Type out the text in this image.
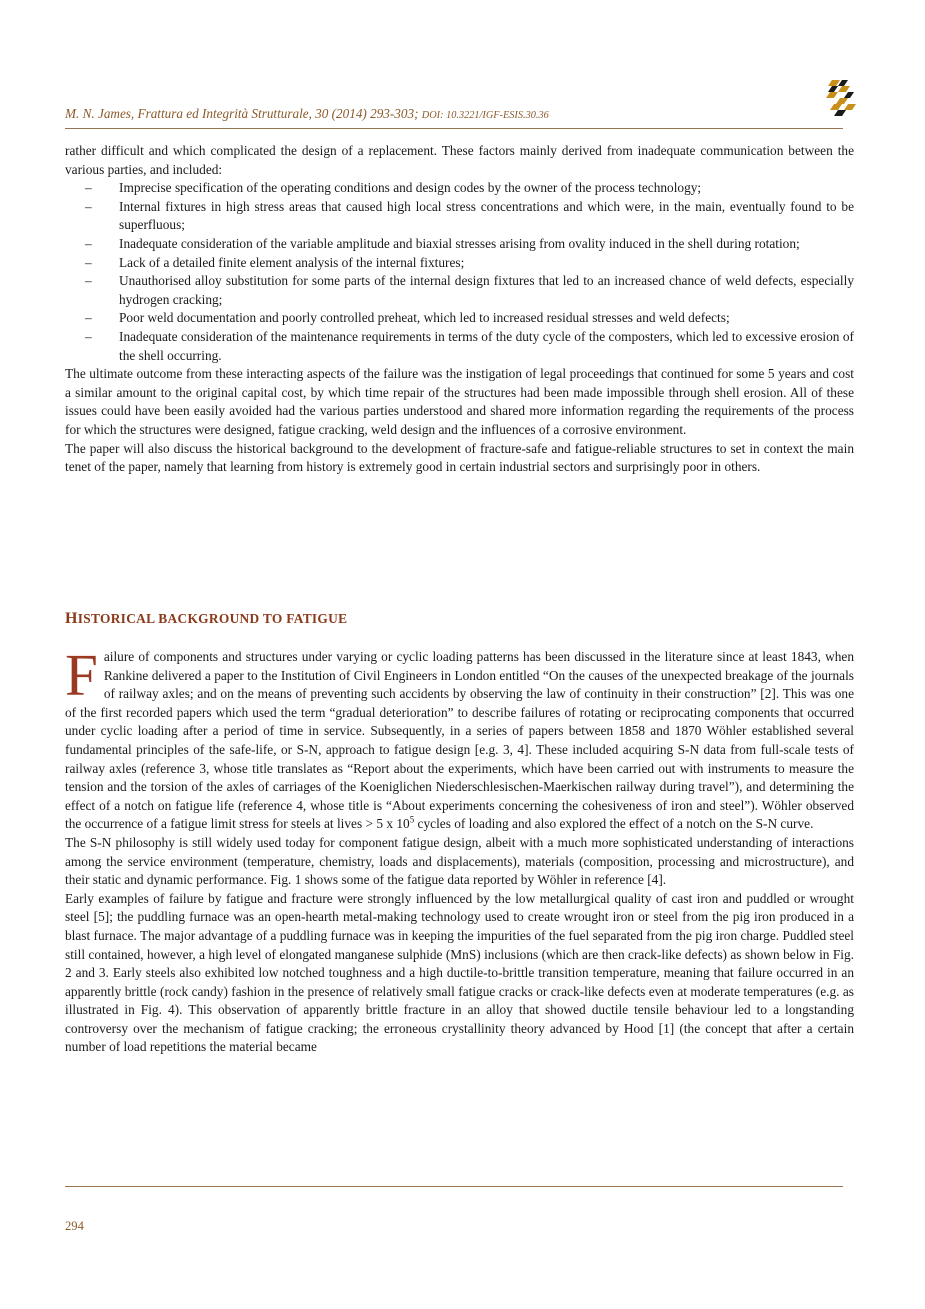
M. N. James, Frattura ed Integrità Strutturale, 30 (2014) 293-303; DOI: 10.3221/IGF-ESIS.30.36

rather difficult and which complicated the design of a replacement. These factors mainly derived from inadequate communication between the various parties, and included:

– Imprecise specification of the operating conditions and design codes by the owner of the process technology;
– Internal fixtures in high stress areas that caused high local stress concentrations and which were, in the main, eventually found to be superfluous;
– Inadequate consideration of the variable amplitude and biaxial stresses arising from ovality induced in the shell during rotation;
– Lack of a detailed finite element analysis of the internal fixtures;
– Unauthorised alloy substitution for some parts of the internal design fixtures that led to an increased chance of weld defects, especially hydrogen cracking;
– Poor weld documentation and poorly controlled preheat, which led to increased residual stresses and weld defects;
– Inadequate consideration of the maintenance requirements in terms of the duty cycle of the composters, which led to excessive erosion of the shell occurring.

The ultimate outcome from these interacting aspects of the failure was the instigation of legal proceedings that continued for some 5 years and cost a similar amount to the original capital cost, by which time repair of the structures had been made impossible through shell erosion. All of these issues could have been easily avoided had the various parties understood and shared more information regarding the requirements of the process for which the structures were designed, fatigue cracking, weld design and the influences of a corrosive environment.

The paper will also discuss the historical background to the development of fracture-safe and fatigue-reliable structures to set in context the main tenet of the paper, namely that learning from history is extremely good in certain industrial sectors and surprisingly poor in others.

HISTORICAL BACKGROUND TO FATIGUE

Failure of components and structures under varying or cyclic loading patterns has been discussed in the literature since at least 1843, when Rankine delivered a paper to the Institution of Civil Engineers in London entitled “On the causes of the unexpected breakage of the journals of railway axles; and on the means of preventing such accidents by observing the law of continuity in their construction” [2]. This was one of the first recorded papers which used the term “gradual deterioration” to describe failures of rotating or reciprocating components that occurred under cyclic loading after a period of time in service. Subsequently, in a series of papers between 1858 and 1870 Wöhler established several fundamental principles of the safe-life, or S-N, approach to fatigue design [e.g. 3, 4]. These included acquiring S-N data from full-scale tests of railway axles (reference 3, whose title translates as “Report about the experiments, which have been carried out with instruments to measure the tension and the torsion of the axles of carriages of the Koeniglichen Niederschlesischen-Maerkischen railway during travel”), and determining the effect of a notch on fatigue life (reference 4, whose title is “About experiments concerning the cohesiveness of iron and steel”). Wöhler observed the occurrence of a fatigue limit stress for steels at lives > 5 x $10^5$ cycles of loading and also explored the effect of a notch on the S-N curve.

The S-N philosophy is still widely used today for component fatigue design, albeit with a much more sophisticated understanding of interactions among the service environment (temperature, chemistry, loads and displacements), materials (composition, processing and microstructure), and their static and dynamic performance. Fig. 1 shows some of the fatigue data reported by Wöhler in reference [4].

Early examples of failure by fatigue and fracture were strongly influenced by the low metallurgical quality of cast iron and puddled or wrought steel [5]; the puddling furnace was an open-hearth metal-making technology used to create wrought iron or steel from the pig iron produced in a blast furnace. The major advantage of a puddling furnace was in keeping the impurities of the fuel separated from the pig iron charge. Puddled steel still contained, however, a high level of elongated manganese sulphide (MnS) inclusions (which are then crack-like defects) as shown below in Fig. 2 and 3. Early steels also exhibited low notched toughness and a high ductile-to-brittle transition temperature, meaning that failure occurred in an apparently brittle (rock candy) fashion in the presence of relatively small fatigue cracks or crack-like defects even at moderate temperatures (e.g. as illustrated in Fig. 4). This observation of apparently brittle fracture in an alloy that showed ductile tensile behaviour led to a longstanding controversy over the mechanism of fatigue cracking; the erroneous crystallinity theory advanced by Hood [1] (the concept that after a certain number of load repetitions the material became

294
